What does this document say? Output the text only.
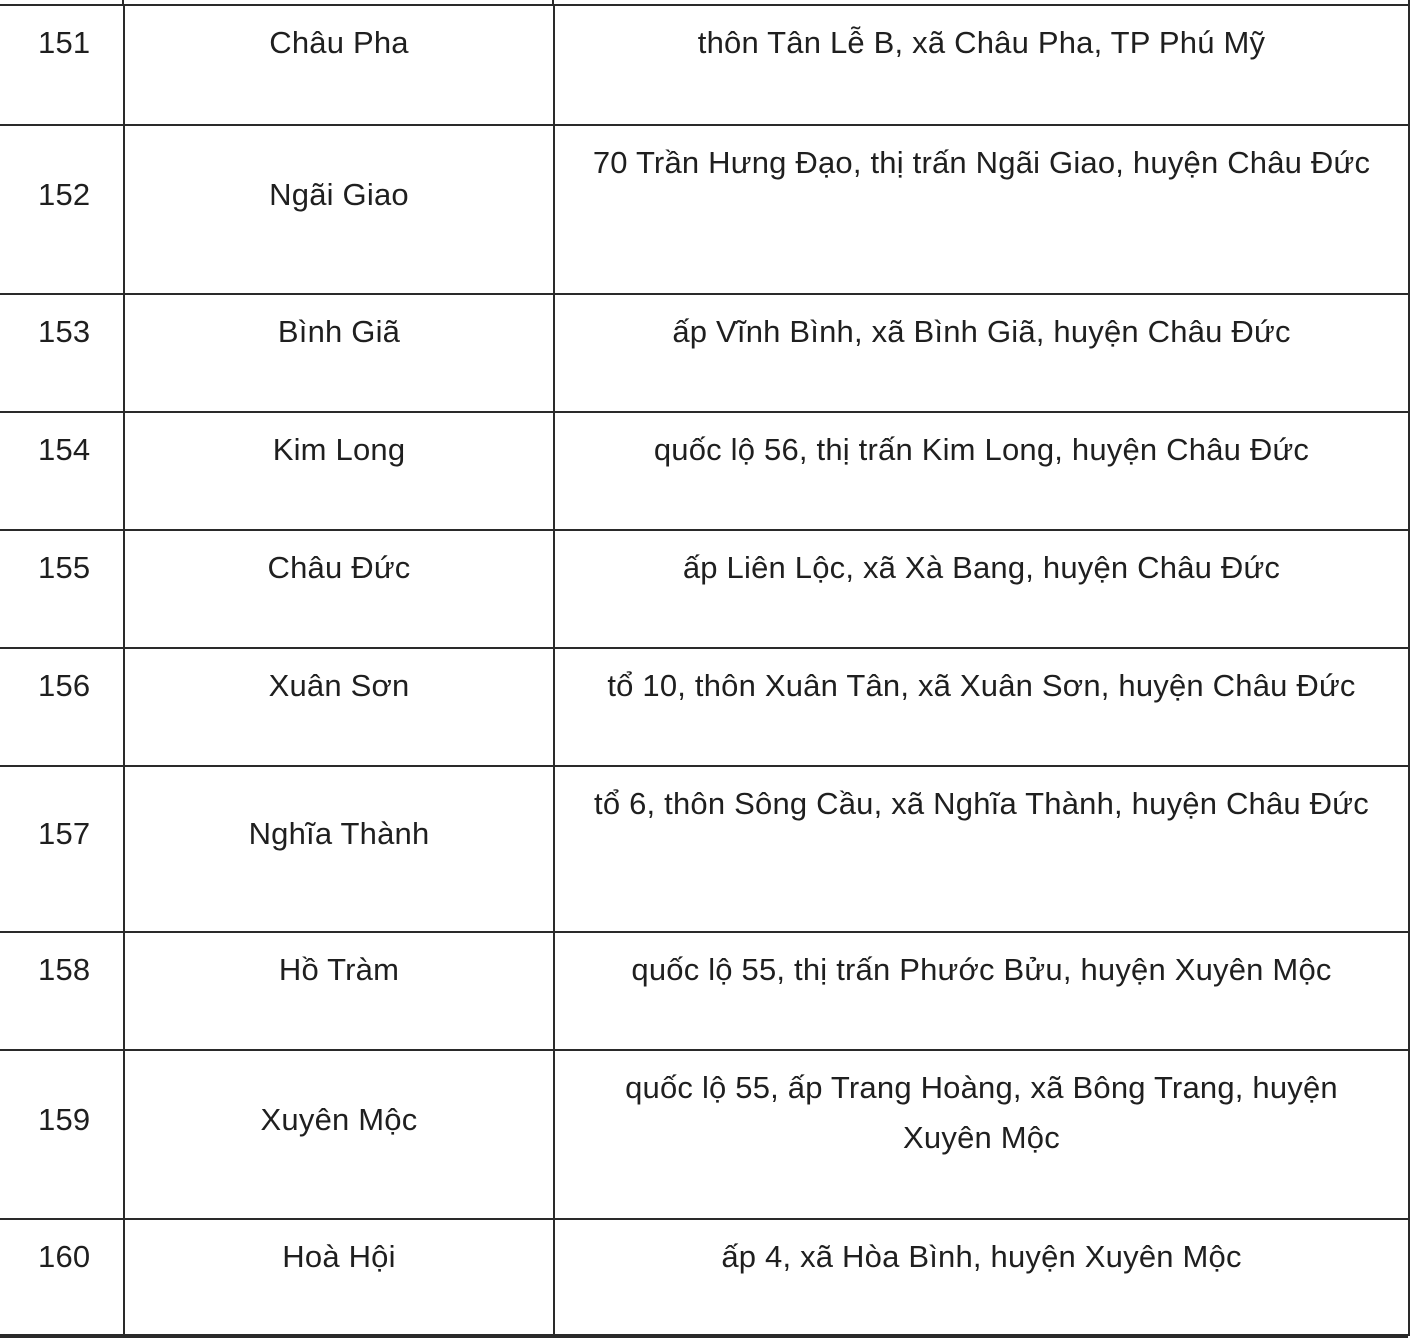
151	Châu Pha	thôn Tân Lễ B, xã Châu Pha, TP Phú Mỹ
152	Ngãi Giao	70 Trần Hưng Đạo, thị trấn Ngãi Giao, huyện Châu Đức
153	Bình Giã	ấp Vĩnh Bình, xã Bình Giã, huyện Châu Đức
154	Kim Long	quốc lộ 56, thị trấn Kim Long, huyện Châu Đức
155	Châu Đức	ấp Liên Lộc, xã Xà Bang, huyện Châu Đức
156	Xuân Sơn	tổ 10, thôn Xuân Tân, xã Xuân Sơn, huyện Châu Đức
157	Nghĩa Thành	tổ 6, thôn Sông Cầu, xã Nghĩa Thành, huyện Châu Đức
158	Hồ Tràm	quốc lộ 55, thị trấn Phước Bửu, huyện Xuyên Mộc
159	Xuyên Mộc	quốc lộ 55, ấp Trang Hoàng, xã Bông Trang, huyện Xuyên Mộc
160	Hoà Hội	ấp 4, xã Hòa Bình, huyện Xuyên Mộc
